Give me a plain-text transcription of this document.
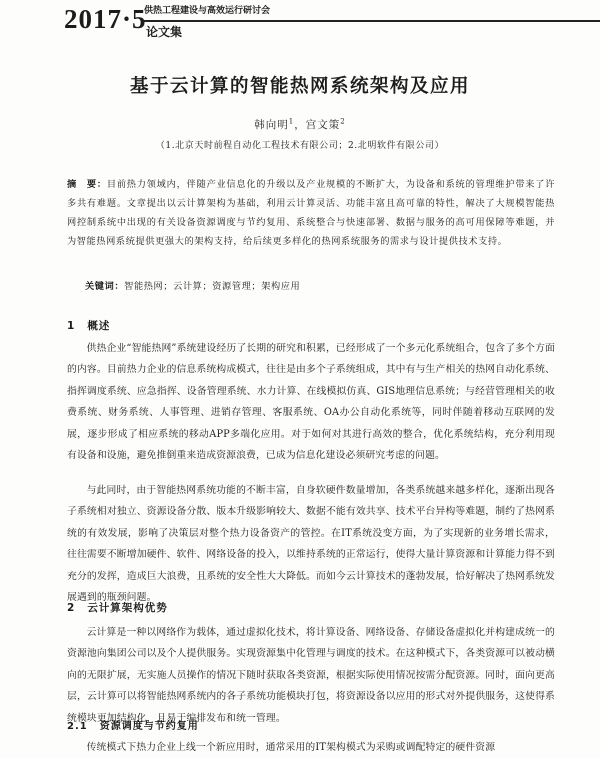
2017·5
供热工程建设与高效运行研讨会
论文集
基于云计算的智能热网系统架构及应用
韩向明$^1$，宫文策$^2$
（1.北京天时前程自动化工程技术有限公司；2.北明软件有限公司）
摘　要：目前热力领域内，伴随产业信息化的升级以及产业规模的不断扩大，为设备和系统的管理维护带来了许多共有难题。文章提出以云计算架构为基础，利用云计算灵活、功能丰富且高可靠的特性，解决了大规模智能热网控制系统中出现的有关设备资源调度与节约复用、系统整合与快速部署、数据与服务的高可用保障等难题，并为智能热网系统提供更强大的架构支持，给后续更多样化的热网系统服务的需求与设计提供技术支持。
关键词：智能热网；云计算；资源管理；架构应用
1 概述

供热企业“智能热网”系统建设经历了长期的研究和积累，已经形成了一个多元化系统组合，包含了多个方面的内容。目前热力企业的信息系统构成模式，往往是由多个子系统组成，其中有与生产相关的热网自动化系统、指挥调度系统、应急指挥、设备管理系统、水力计算、在线模拟仿真、GIS地理信息系统；与经营管理相关的收费系统、财务系统、人事管理、进销存管理、客服系统、OA办公自动化系统等，同时伴随着移动互联网的发展，逐步形成了相应系统的移动APP多端化应用。对于如何对其进行高效的整合，优化系统结构，充分利用现有设备和设施，避免推倒重来造成资源浪费，已成为信息化建设必须研究考虑的问题。

与此同时，由于智能热网系统功能的不断丰富，自身软硬件数量增加，各类系统越来越多样化，逐渐出现各子系统相对独立、资源设备分散、版本升级影响较大、数据不能有效共享、技术平台异构等难题，制约了热网系统的有效发展，影响了决策层对整个热力设备资产的管控。在IT系统没变方面，为了实现新的业务增长需求，往往需要不断增加硬件、软件、网络设备的投入，以维持系统的正常运行，使得大量计算资源和计算能力得不到充分的发挥，造成巨大浪费，且系统的安全性大大降低。而如今云计算技术的蓬勃发展，恰好解决了热网系统发展遇到的瓶颈问题。

2 云计算架构优势

云计算是一种以网络作为载体，通过虚拟化技术，将计算设备、网络设备、存储设备虚拟化并构建成统一的资源池向集团公司以及个人提供服务。实现资源集中化管理与调度的技术。在这种模式下，各类资源可以被动横向的无限扩展，无实施人员操作的情况下随时获取各类资源，根据实际使用情况按需分配资源。同时，面向更高层，云计算可以将智能热网系统内的各子系统功能模块打包，将资源设备以应用的形式对外提供服务，这使得系统模块更加结构化，且易于编排发布和统一管理。

2.1 资源调度与节约复用

传统模式下热力企业上线一个新应用时，通常采用的IT架构模式为采购或调配特定的硬件资源
